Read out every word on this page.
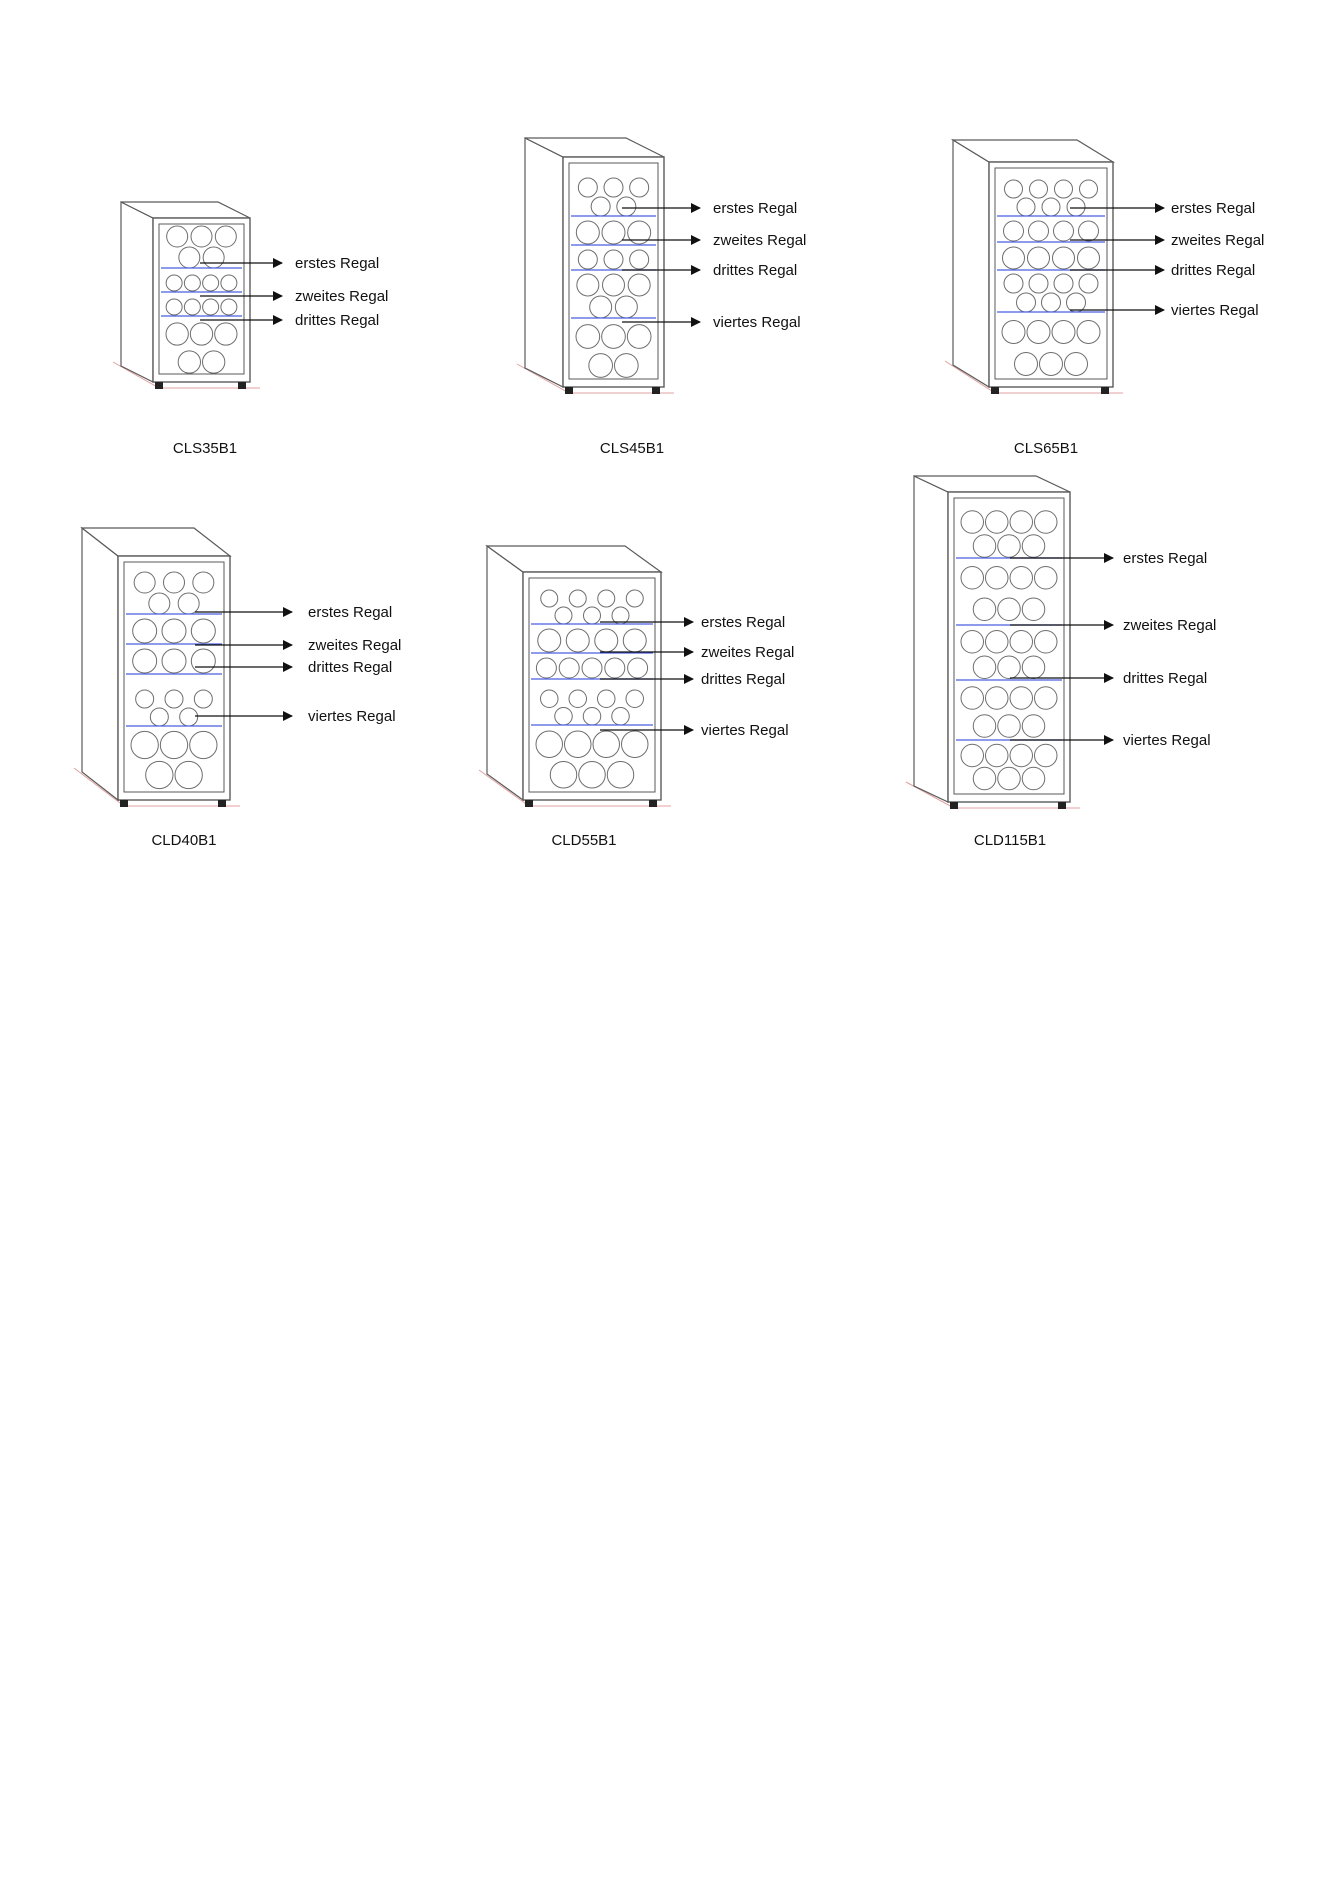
erstes Regal
zweites Regal
drittes Regal
CLS35B1
erstes Regal
zweites Regal
drittes Regal
viertes Regal
CLS45B1
erstes Regal
zweites Regal
drittes Regal
viertes Regal
CLS65B1
erstes Regal
zweites Regal
drittes Regal
viertes Regal
CLD40B1
erstes Regal
zweites Regal
drittes Regal
viertes Regal
CLD55B1
erstes Regal
zweites Regal
drittes Regal
viertes Regal
CLD115B1
